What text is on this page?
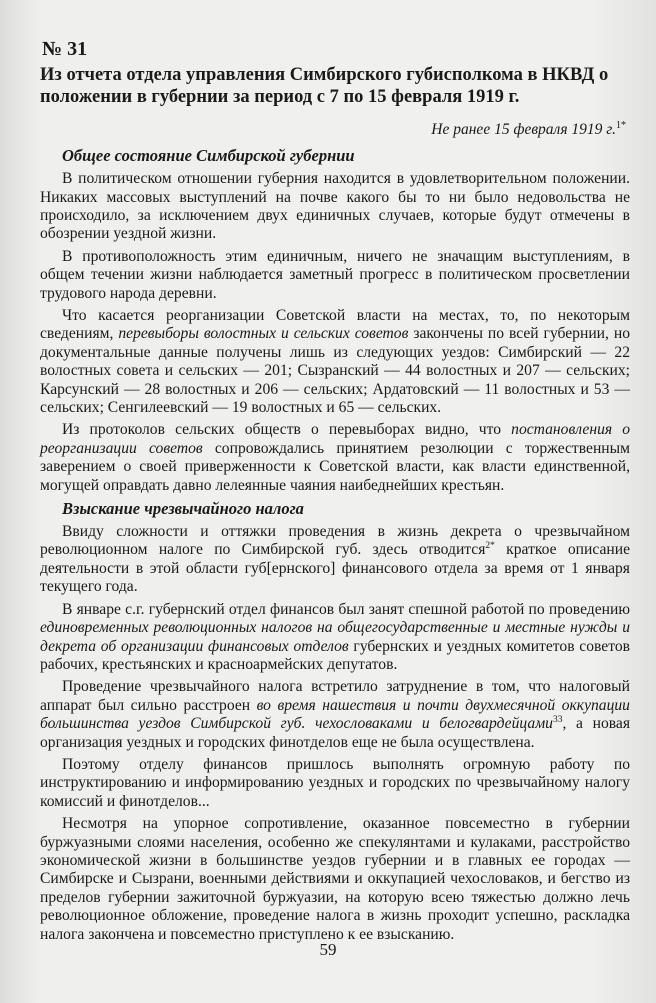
№ 31
Из отчета отдела управления Симбирского губисполкома в НКВД о положении в губернии за период с 7 по 15 февраля 1919 г.
Не ранее 15 февраля 1919 г.$^{1*}$
Общее состояние Симбирской губернии

В политическом отношении губерния находится в удовлетворительном положении. Никаких массовых выступлений на почве какого бы то ни было недовольства не происходило, за исключением двух единичных случаев, которые будут отмечены в обозрении уездной жизни.

В противоположность этим единичным, ничего не значащим выступлениям, в общем течении жизни наблюдается заметный прогресс в политическом просветлении трудового народа деревни.

Что касается реорганизации Советской власти на местах, то, по некоторым сведениям, перевыборы волостных и сельских советов закончены по всей губернии, но документальные данные получены лишь из следующих уездов: Симбирский — 22 волостных совета и сельских — 201; Сызранский — 44 волостных и 207 — сельских; Карсунский — 28 волостных и 206 — сельских; Ардатовский — 11 волостных и 53 — сельских; Сенгилеевский — 19 волостных и 65 — сельских.

Из протоколов сельских обществ о перевыборах видно, что постановления о реорганизации советов сопровождались принятием резолюции с торжественным заверением о своей приверженности к Советской власти, как власти единственной, могущей оправдать давно лелеянные чаяния наибеднейших крестьян.

Взыскание чрезвычайного налога

Ввиду сложности и оттяжки проведения в жизнь декрета о чрезвычайном революционном налоге по Симбирской губ. здесь отводится$^{2*}$ краткое описание деятельности в этой области губ[ернского] финансового отдела за время от 1 января текущего года.

В январе с.г. губернский отдел финансов был занят спешной работой по проведению единовременных революционных налогов на общегосударственные и местные нужды и декрета об организации финансовых отделов губернских и уездных комитетов советов рабочих, крестьянских и красноармейских депутатов.

Проведение чрезвычайного налога встретило затруднение в том, что налоговый аппарат был сильно расстроен во время нашествия и почти двухмесячной оккупации большинства уездов Симбирской губ. чехословаками и белогвардейцами$^{33}$, а новая организация уездных и городских финотделов еще не была осуществлена.

Поэтому отделу финансов пришлось выполнять огромную работу по инструктированию и информированию уездных и городских по чрезвычайному налогу комиссий и финотделов...

Несмотря на упорное сопротивление, оказанное повсеместно в губернии буржуазными слоями населения, особенно же спекулянтами и кулаками, расстройство экономической жизни в большинстве уездов губернии и в главных ее городах — Симбирске и Сызрани, военными действиями и оккупацией чехословаков, и бегство из пределов губернии зажиточной буржуазии, на которую всею тяжестью должно лечь революционное обложение, проведение налога в жизнь проходит успешно, раскладка налога закончена и повсеместно приступлено к ее взысканию.

59
